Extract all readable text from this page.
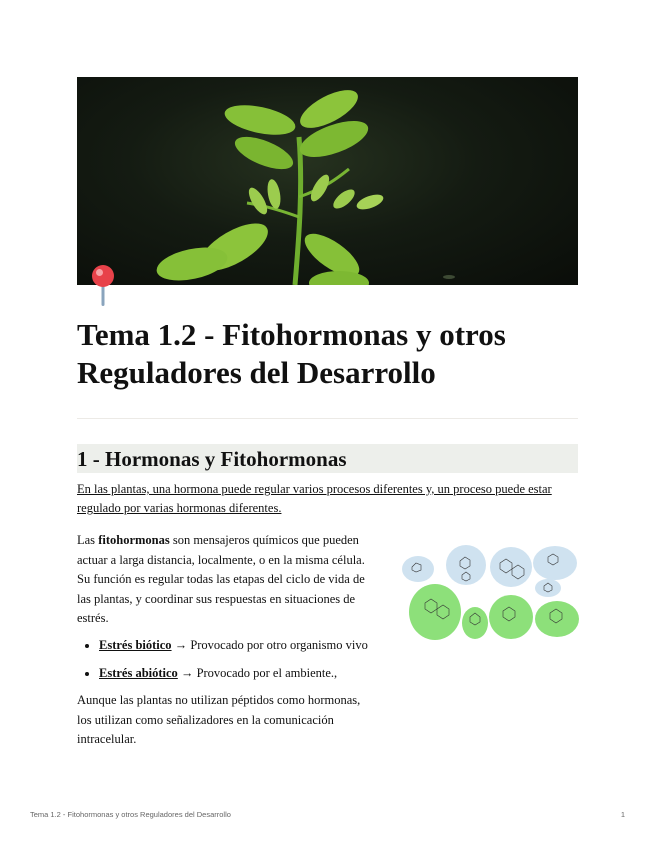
Tema 1.2 - Fitohormonas y otros Reguladores del Desarrollo
1 - Hormonas y Fitohormonas

En las plantas, una hormona puede regular varios procesos diferentes y, un proceso puede estar regulado por varias hormonas diferentes.

Las fitohormonas son mensajeros químicos que pueden actuar a larga distancia, localmente, o en la misma célula. Su función es regular todas las etapas del ciclo de vida de las plantas, y coordinar sus respuestas en situaciones de estrés.

• Estrés biótico → Provocado por otro organismo vivo
• Estrés abiótico → Provocado por el ambiente.,

Aunque las plantas no utilizan péptidos como hormonas, los utilizan como señalizadores en la comunicación intracelular.

Tema 1.2 - Fitohormonas y otros Reguladores del Desarrollo	1
